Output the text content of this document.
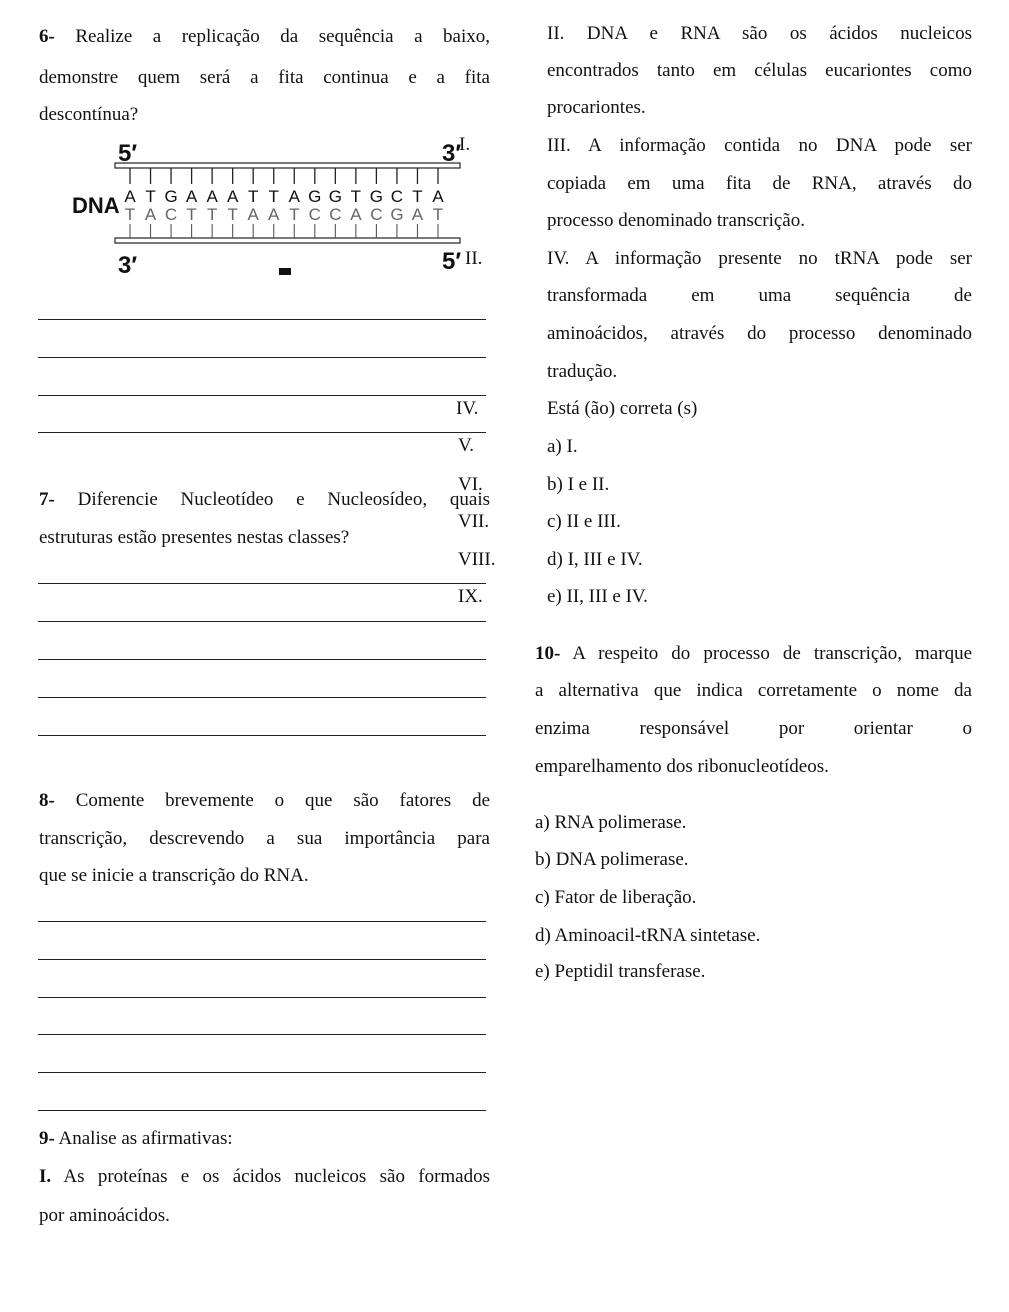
6- Realize a replicação da sequência a baixo,
demonstre quem será a fita continua e a fita
descontínua?
5′	3′
DNA A T G A A A T T A G G T G C T A
T A C T T T A A T C C A C G A T
3′	5′
I.
II.
IV.
V.
VI.
VII.
VIII.
IX.
7- Diferencie Nucleotídeo e Nucleosídeo, quais
estruturas estão presentes nestas classes?
8- Comente brevemente o que são fatores de
transcrição, descrevendo a sua importância para
que se inicie a transcrição do RNA.
9- Analise as afirmativas:
I. As proteínas e os ácidos nucleicos são formados
por aminoácidos.
II. DNA e RNA são os ácidos nucleicos
encontrados tanto em células eucariontes como
procariontes.
III. A informação contida no DNA pode ser
copiada em uma fita de RNA, através do
processo denominado transcrição.
IV. A informação presente no tRNA pode ser
transformada em uma sequência de
aminoácidos, através do processo denominado
tradução.
Está (ão) correta (s)
a) I.
b) I e II.
c) II e III.
d) I, III e IV.
e) II, III e IV.
10- A respeito do processo de transcrição, marque
a alternativa que indica corretamente o nome da
enzima responsável por orientar o
emparelhamento dos ribonucleotídeos.
a) RNA polimerase.
b) DNA polimerase.
c) Fator de liberação.
d) Aminoacil-tRNA sintetase.
e) Peptidil transferase.
